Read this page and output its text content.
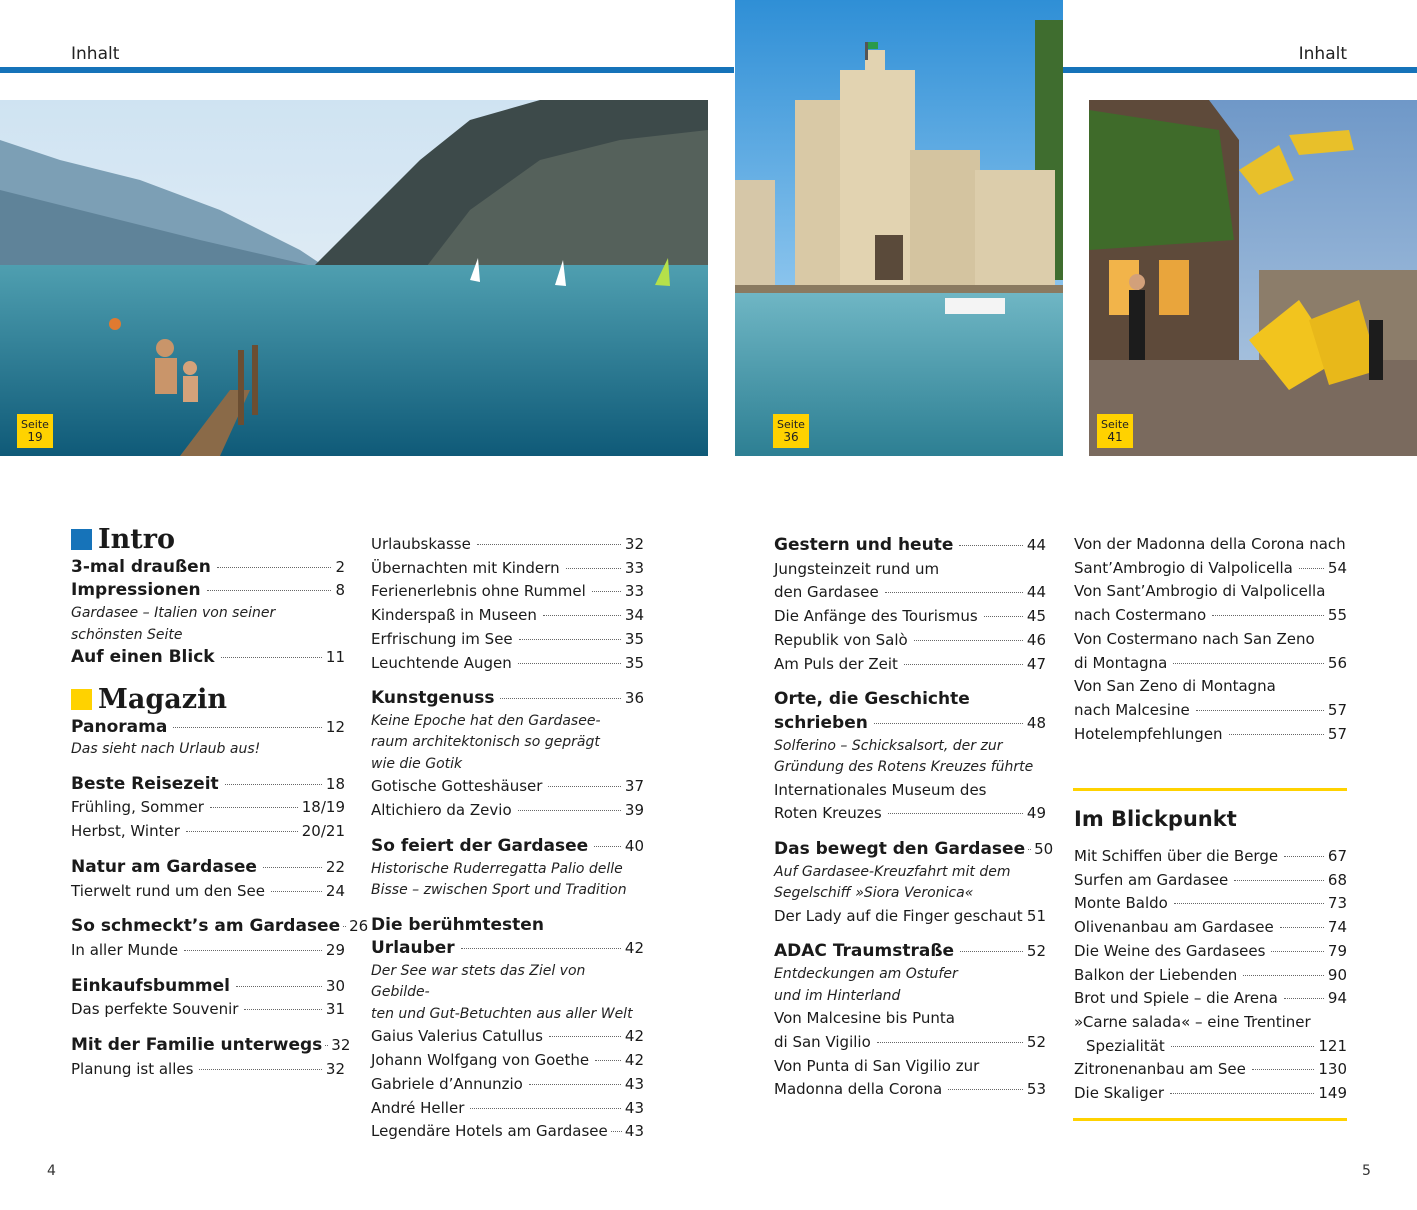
Inhalt	Inhalt
Seite
19
Seite
36
Seite
41
Intro
3-mal draußen	2
Impressionen	8
Gardasee – Italien von seiner
schönsten Seite
Auf einen Blick	11
Magazin
Panorama	12
Das sieht nach Urlaub aus!
Beste Reisezeit	18
Frühling, Sommer	18/19
Herbst, Winter	20/21
Natur am Gardasee	22
Tierwelt rund um den See	24
So schmeckt’s am Gardasee 26
In aller Munde	29
Einkaufsbummel	30
Das perfekte Souvenir	31
Mit der Familie unterwegs 32
Planung ist alles	32
Urlaubskasse	32
Übernachten mit Kindern	33
Ferienerlebnis ohne Rummel	33
Kinderspaß in Museen	34
Erfrischung im See	35
Leuchtende Augen	35
Kunstgenuss	36
Keine Epoche hat den Gardasee-
raum architektonisch so geprägt
wie die Gotik
Gotische Gotteshäuser	37
Altichiero da Zevio	39
So feiert der Gardasee 40
Historische Ruderregatta Palio delle
Bisse – zwischen Sport und Tradition
Die berühmtesten
Urlauber	42
Der See war stets das Ziel von Gebilde-
ten und Gut-Betuchten aus aller Welt
Gaius Valerius Catullus	42
Johann Wolfgang von Goethe 42
Gabriele d’Annunzio	43
André Heller	43
Legendäre Hotels am Gardasee 43
Gestern und heute	44
Jungsteinzeit rund um
den Gardasee	44
Die Anfänge des Tourismus	45
Republik von Salò	46
Am Puls der Zeit	47
Orte, die Geschichte
schrieben	48
Solferino – Schicksalsort, der zur
Gründung des Rotens Kreuzes führte
Internationales Museum des
Roten Kreuzes	49
Das bewegt den Gardasee 50
Auf Gardasee-Kreuzfahrt mit dem
Segelschiff »Siora Veronica«
Der Lady auf die Finger geschaut 51
ADAC Traumstraße	52
Entdeckungen am Ostufer
und im Hinterland
Von Malcesine bis Punta
di San Vigilio	52
Von Punta di San Vigilio zur
Madonna della Corona	53
Von der Madonna della Corona nach
Sant’Ambrogio di Valpolicella 54
Von Sant’Ambrogio di Valpolicella
nach Costermano	55
Von Costermano nach San Zeno
di Montagna	56
Von San Zeno di Montagna
nach Malcesine	57
Hotelempfehlungen	57
Im Blickpunkt
Mit Schiffen über die Berge	67
Surfen am Gardasee	68
Monte Baldo	73
Olivenanbau am Gardasee	74
Die Weine des Gardasees	79
Balkon der Liebenden	90
Brot und Spiele – die Arena	94
»Carne salada« – eine Trentiner
Spezialität	121
Zitronenanbau am See	130
Die Skaliger	149
4	5
